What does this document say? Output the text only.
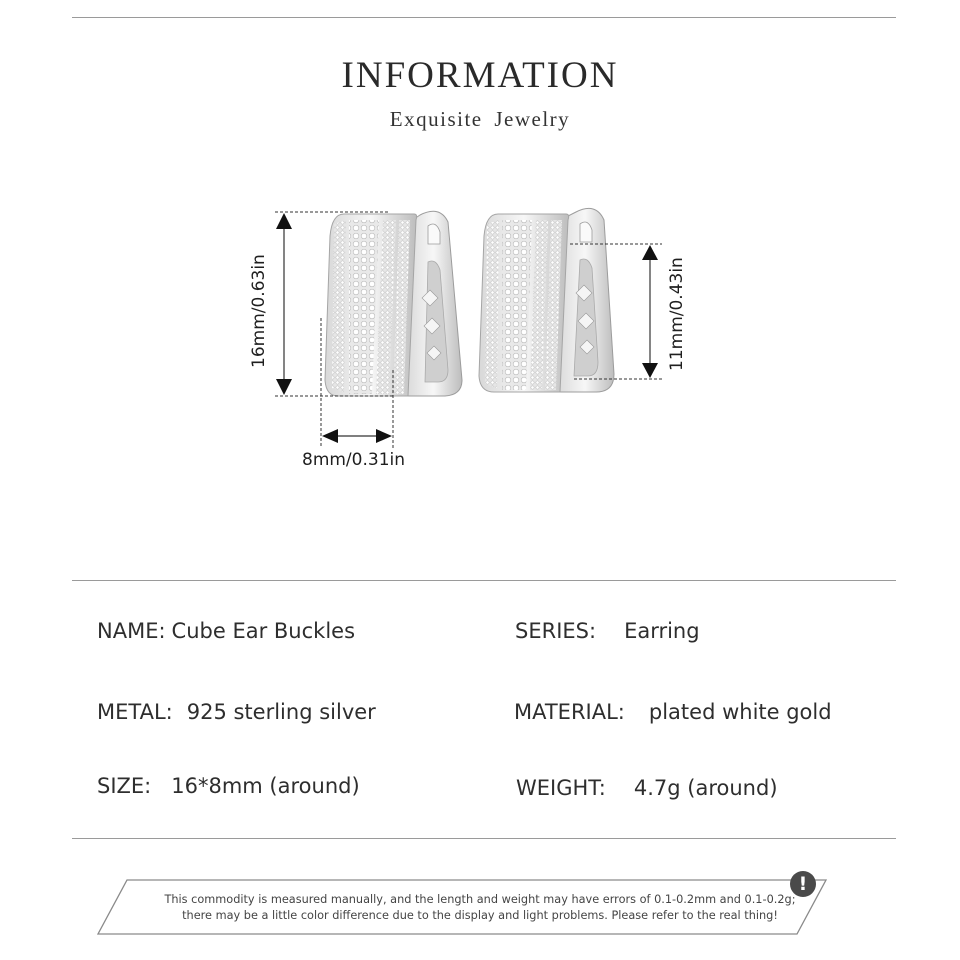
INFORMATION
Exquisite Jewelry
16mm/0.63in
8mm/0.31in
11mm/0.43in
NAME: Cube Ear Buckles
METAL: 925 sterling silver
SIZE: 16*8mm (around)
SERIES: Earring
MATERIAL: plated white gold
WEIGHT: 4.7g (around)
!
This commodity is measured manually, and the length and weight may have errors of 0.1-0.2mm and 0.1-0.2g;
there may be a little color difference due to the display and light problems. Please refer to the real thing!
